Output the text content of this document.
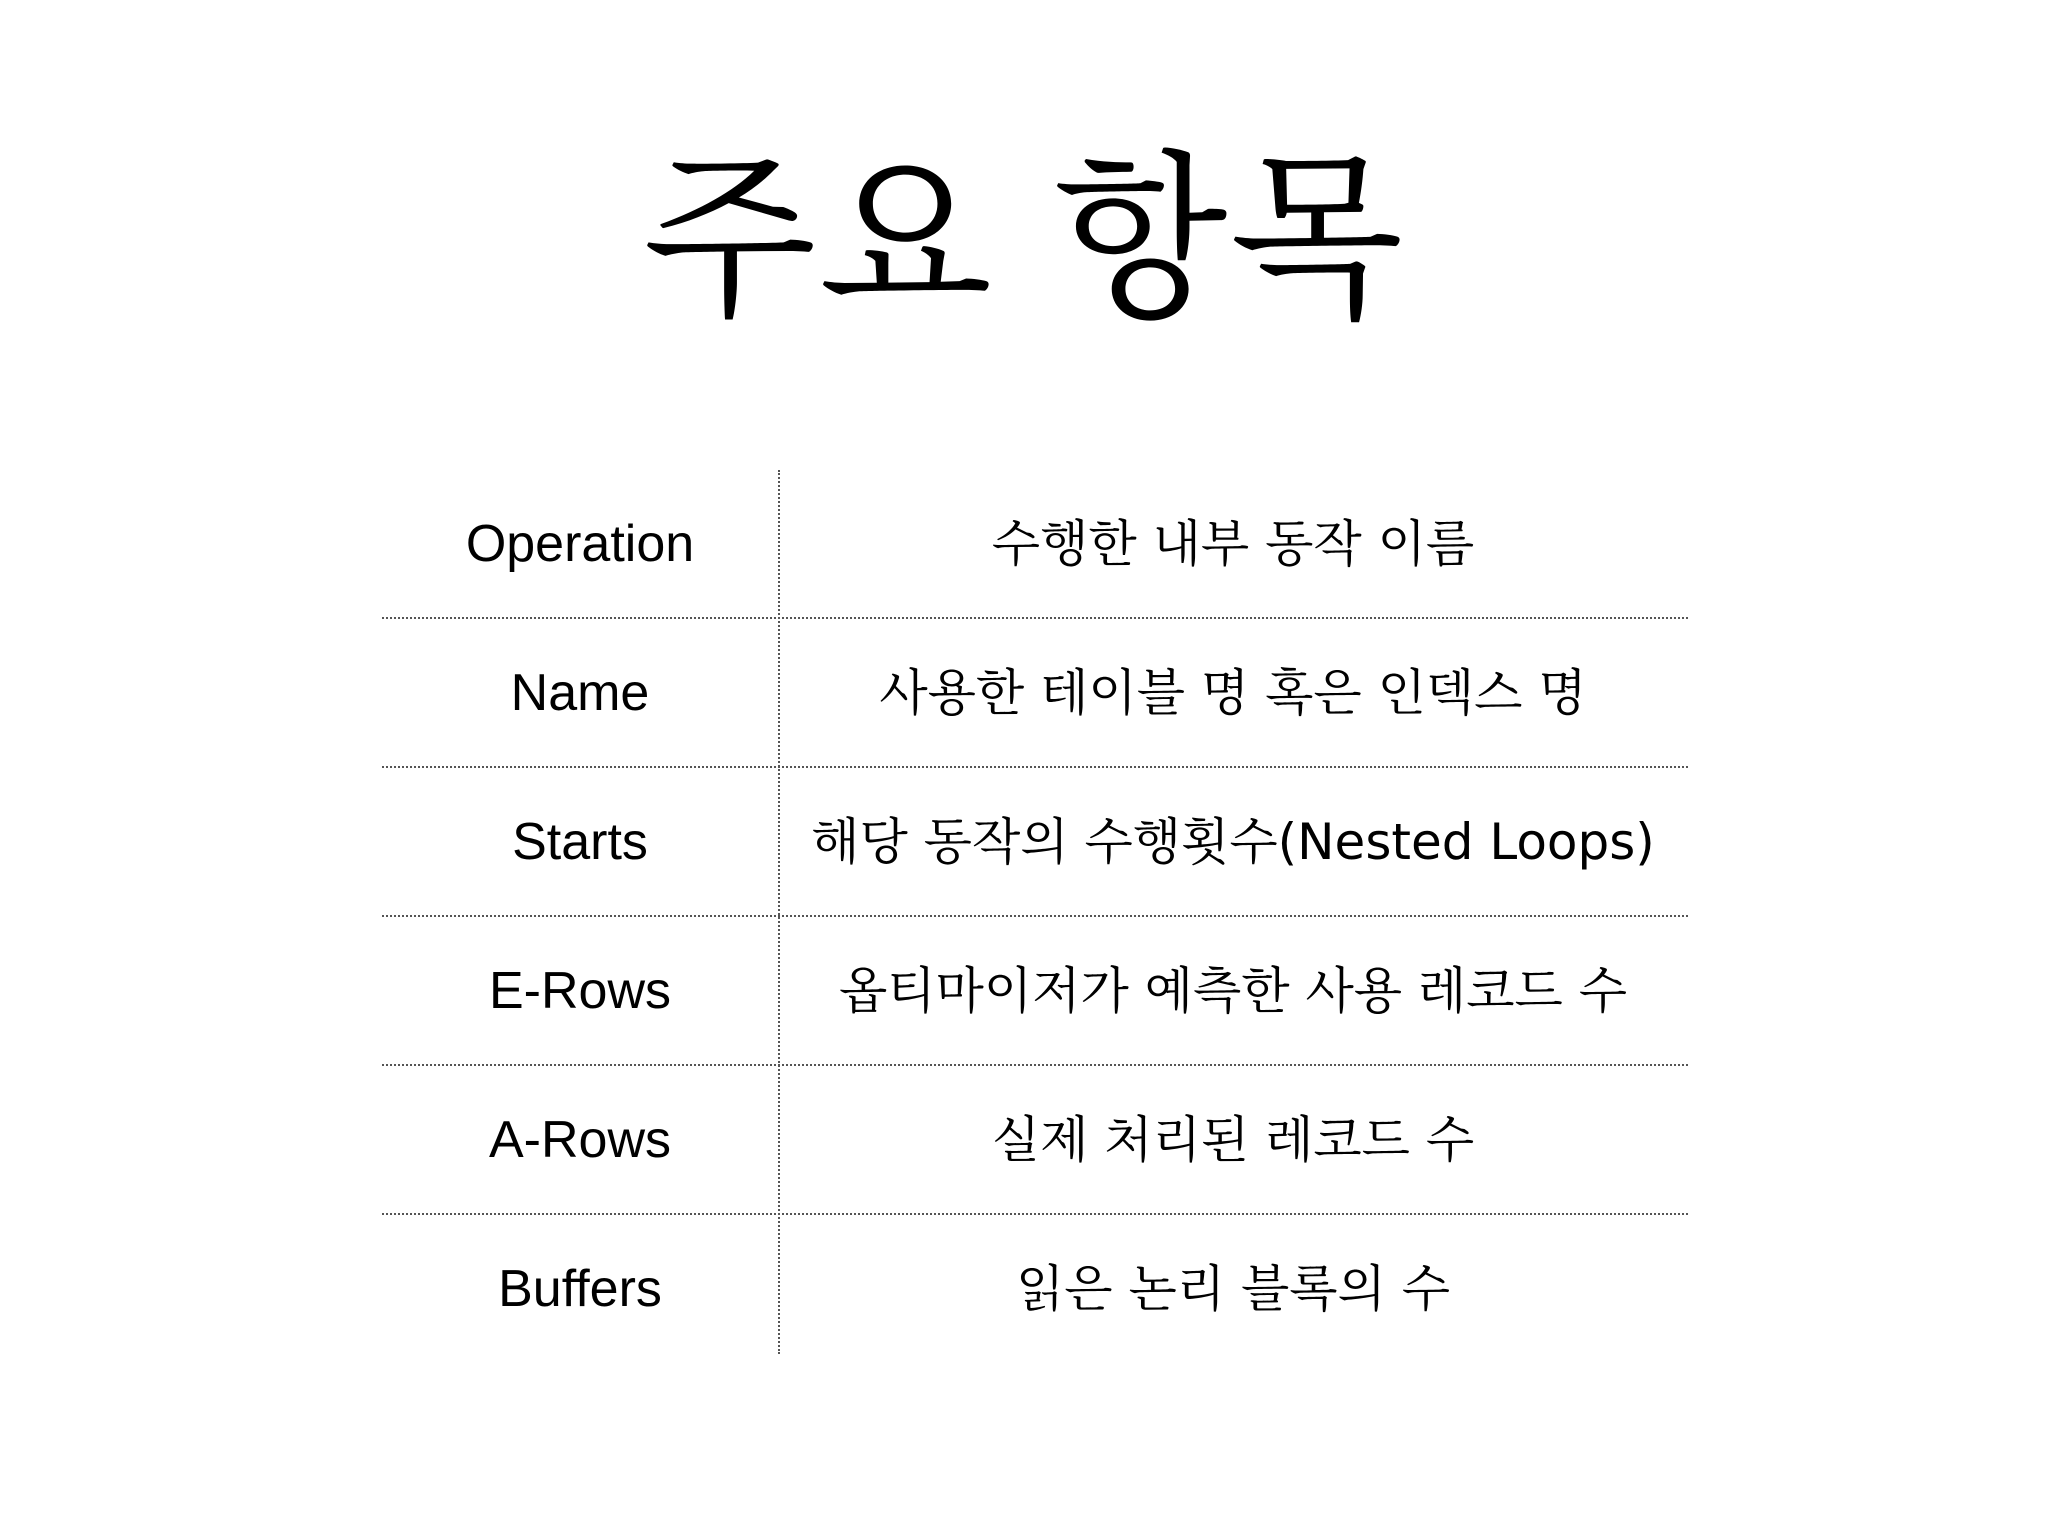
주요 항목
Operation	수행한 내부 동작 이름
Name	사용한 테이블 명 혹은 인덱스 명
Starts	해당 동작의 수행횟수(Nested Loops)
E-Rows	옵티마이저가 예측한 사용 레코드 수
A-Rows	실제 처리된 레코드 수
Buffers	읽은 논리 블록의 수
